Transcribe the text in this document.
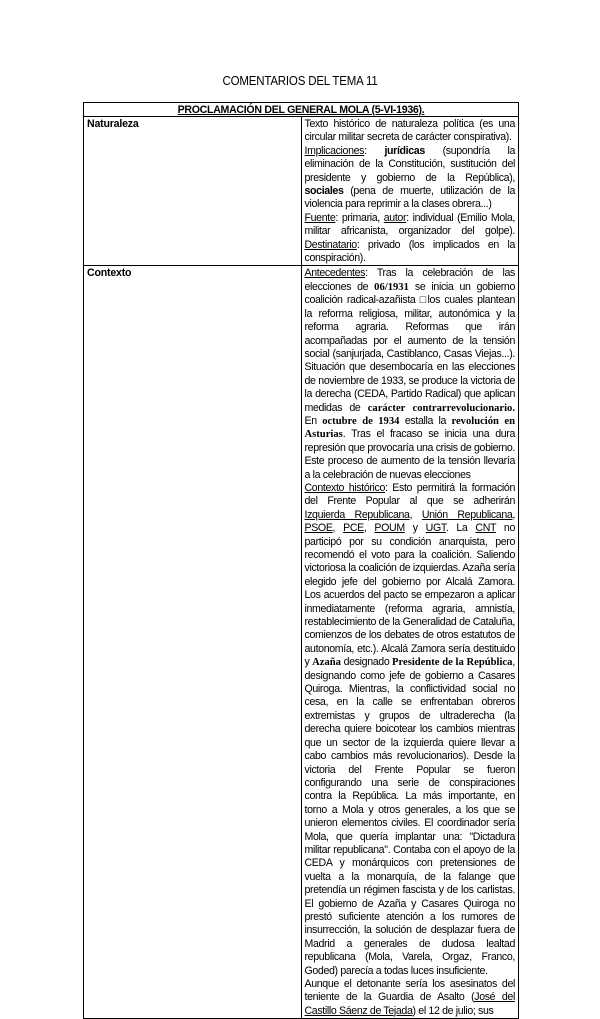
COMENTARIOS DEL TEMA 11
PROCLAMACIÓN DEL GENERAL MOLA (5-VI-1936).	
Naturaleza	Texto histórico de naturaleza política (es una circular militar secreta de carácter conspirativa).

Implicaciones: jurídicas (supondría la eliminación de la Constitución, sustitución del presidente y gobierno de la República), sociales (pena de muerte, utilización de la violencia para reprimir a la clases obrera...)

Fuente: primaria, autor: individual (Emilio Mola, militar africanista, organizador del golpe). Destinatario: privado (los implicados en la conspiración).

Contexto	Antecedentes: Tras la celebración de las elecciones de 06/1931 se inicia un gobierno coalición radical-azañista □los cuales plantean la reforma religiosa, militar, autonómica y la reforma agraria. Reformas que irán acompañadas por el aumento de la tensión social (sanjurjada, Castiblanco, Casas Viejas...). Situación que desembocaría en las elecciones de noviembre de 1933, se produce la victoria de la derecha (CEDA, Partido Radical) que aplican medidas de carácter contrarrevolucionario. En octubre de 1934 estalla la revolución en Asturias. Tras el fracaso se inicia una dura represión que provocaría una crisis de gobierno. Este proceso de aumento de la tensión llevaría a la celebración de nuevas elecciones

Contexto histórico: Esto permitirá la formación del Frente Popular al que se adherirán Izquierda Republicana, Unión Republicana, PSOE, PCE, POUM y UGT. La CNT no participó por su condición anarquista, pero recomendó el voto para la coalición. Saliendo victoriosa la coalición de izquierdas. Azaña sería elegido jefe del gobierno por Alcalá Zamora. Los acuerdos del pacto se empezaron a aplicar inmediatamente (reforma agraria, amnistía, restablecimiento de la Generalidad de Cataluña, comienzos de los debates de otros estatutos de autonomía, etc.). Alcalá Zamora sería destituido y Azaña designado Presidente de la República, designando como jefe de gobierno a Casares Quiroga. Mientras, la conflictividad social no cesa, en la calle se enfrentaban obreros extremistas y grupos de ultraderecha (la derecha quiere boicotear los cambios mientras que un sector de la izquierda quiere llevar a cabo cambios más revolucionarios). Desde la victoria del Frente Popular se fueron configurando una serie de conspiraciones contra la República. La más importante, en torno a Mola y otros generales, a los que se unieron elementos civiles. El coordinador sería Mola, que quería implantar una: "Dictadura militar republicana". Contaba con el apoyo de la CEDA y monárquicos con pretensiones de vuelta a la monarquía, de la falange que pretendía un régimen fascista y de los carlistas. El gobierno de Azaña y Casares Quiroga no prestó suficiente atención a los rumores de insurrección, la solución de desplazar fuera de Madrid a generales de dudosa lealtad republicana (Mola, Varela, Orgaz, Franco, Goded) parecía a todas luces insuficiente.

Aunque el detonante sería los asesinatos del teniente de la Guardia de Asalto (José del Castillo Sáenz de Tejada) el 12 de julio; sus
